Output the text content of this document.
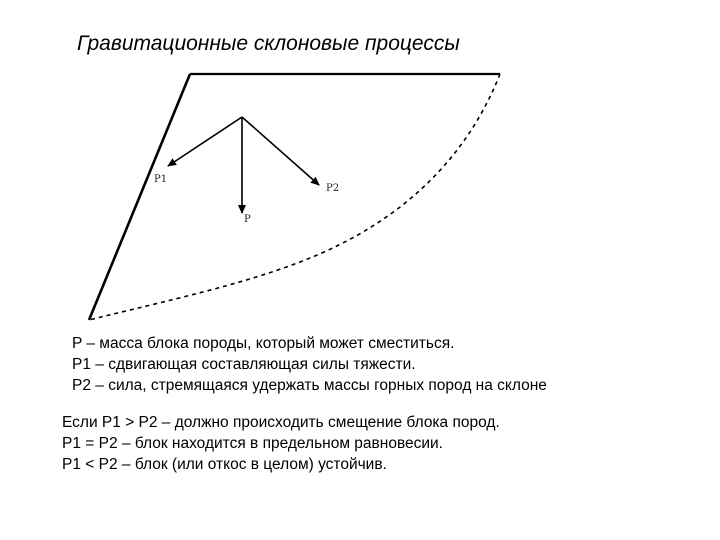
Гравитационные склоновые процессы
P1
P2
P
P – масса блока породы, который может сместиться.
P1 – сдвигающая составляющая силы тяжести.
P2 – сила, стремящаяся удержать массы горных пород на склоне
Если P1 > P2 – должно происходить смещение блока пород.
P1 = P2 – блок находится в предельном равновесии.
P1 < P2 – блок (или откос в целом) устойчив.
